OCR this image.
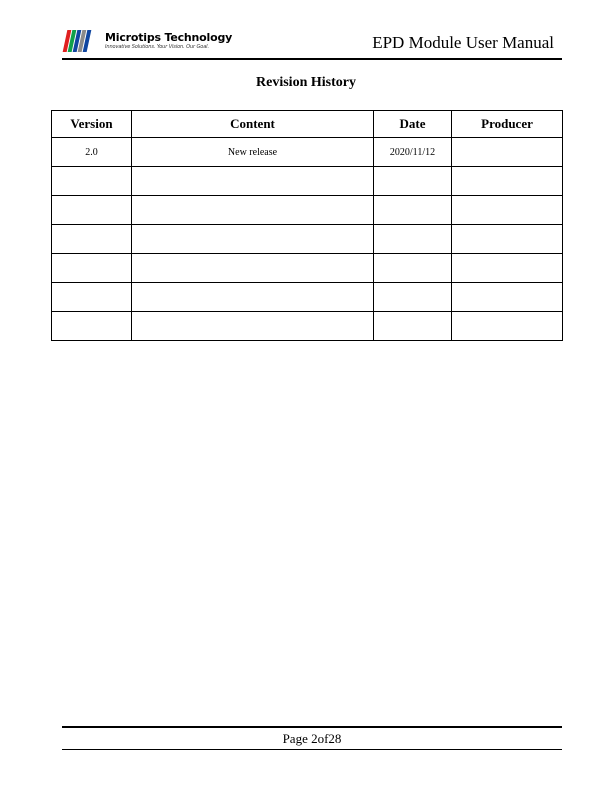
Microtips Technology
Innovative Solutions. Your Vision. Our Goal.	EPD Module User Manual
Revision History
Version	Content	Date	Producer
2.0	New release	2020/11/12	

Page 2of28
